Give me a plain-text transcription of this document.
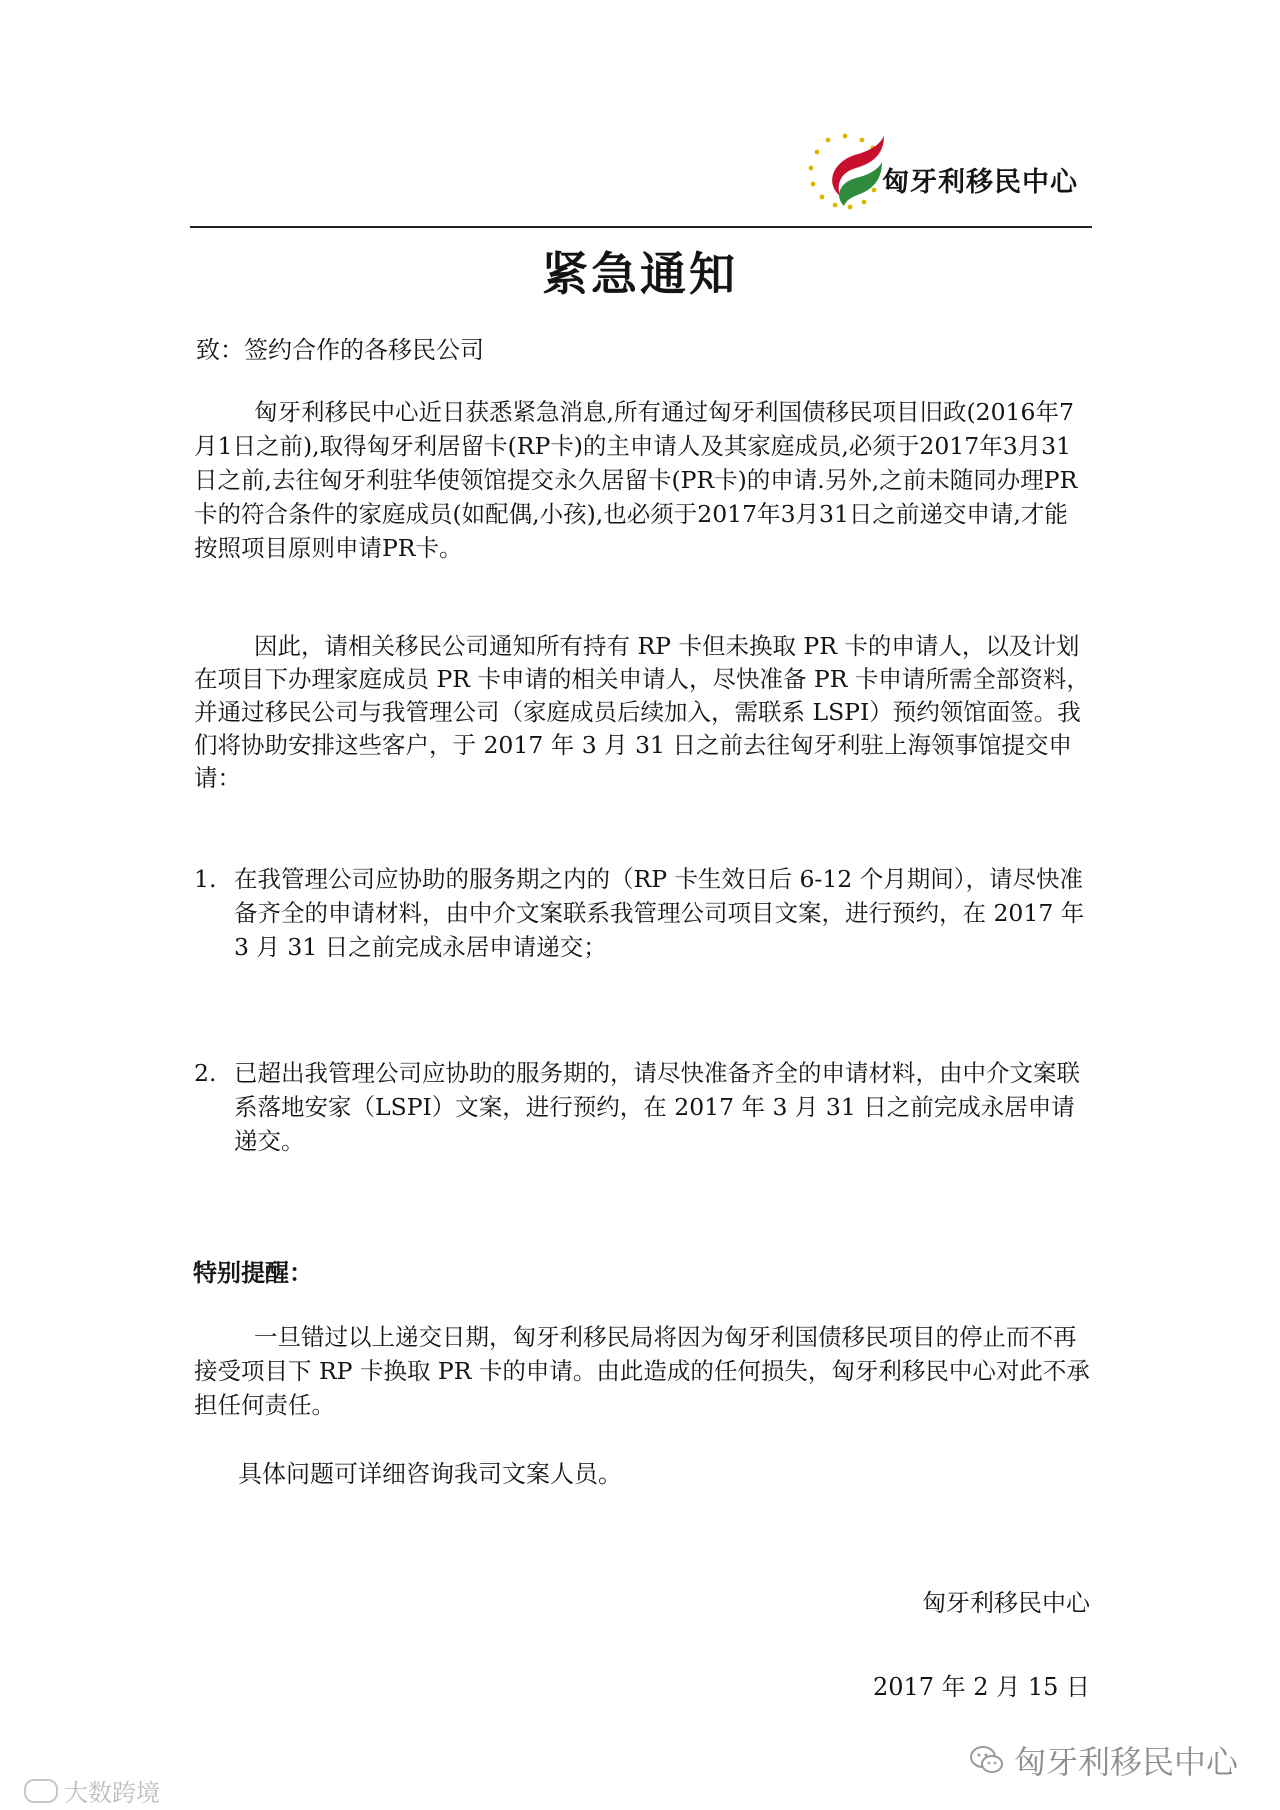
匈牙利移民中心
紧急通知
致：签约合作的各移民公司

匈牙利移民中心近日获悉紧急消息,所有通过匈牙利国债移民项目旧政(2016年7月1日之前),取得匈牙利居留卡(RP卡)的主申请人及其家庭成员,必须于2017年3月31日之前,去往匈牙利驻华使领馆提交永久居留卡(PR卡)的申请.另外,之前未随同办理PR卡的符合条件的家庭成员(如配偶,小孩),也必须于2017年3月31日之前递交申请,才能按照项目原则申请PR卡。

因此，请相关移民公司通知所有持有 RP 卡但未换取 PR 卡的申请人，以及计划在项目下办理家庭成员 PR 卡申请的相关申请人，尽快准备 PR 卡申请所需全部资料，并通过移民公司与我管理公司（家庭成员后续加入，需联系 LSPI）预约领馆面签。我们将协助安排这些客户，于 2017 年 3 月 31 日之前去往匈牙利驻上海领事馆提交申请：

1. 在我管理公司应协助的服务期之内的（RP 卡生效日后 6-12 个月期间），请尽快准备齐全的申请材料，由中介文案联系我管理公司项目文案，进行预约，在 2017 年 3 月 31 日之前完成永居申请递交；
2. 已超出我管理公司应协助的服务期的，请尽快准备齐全的申请材料，由中介文案联系落地安家（LSPI）文案，进行预约，在 2017 年 3 月 31 日之前完成永居申请递交。
特别提醒：

一旦错过以上递交日期，匈牙利移民局将因为匈牙利国债移民项目的停止而不再接受项目下 RP 卡换取 PR 卡的申请。由此造成的任何损失，匈牙利移民中心对此不承担任何责任。

具体问题可详细咨询我司文案人员。
匈牙利移民中心
2017 年 2 月 15 日
大数跨境
匈牙利移民中心
